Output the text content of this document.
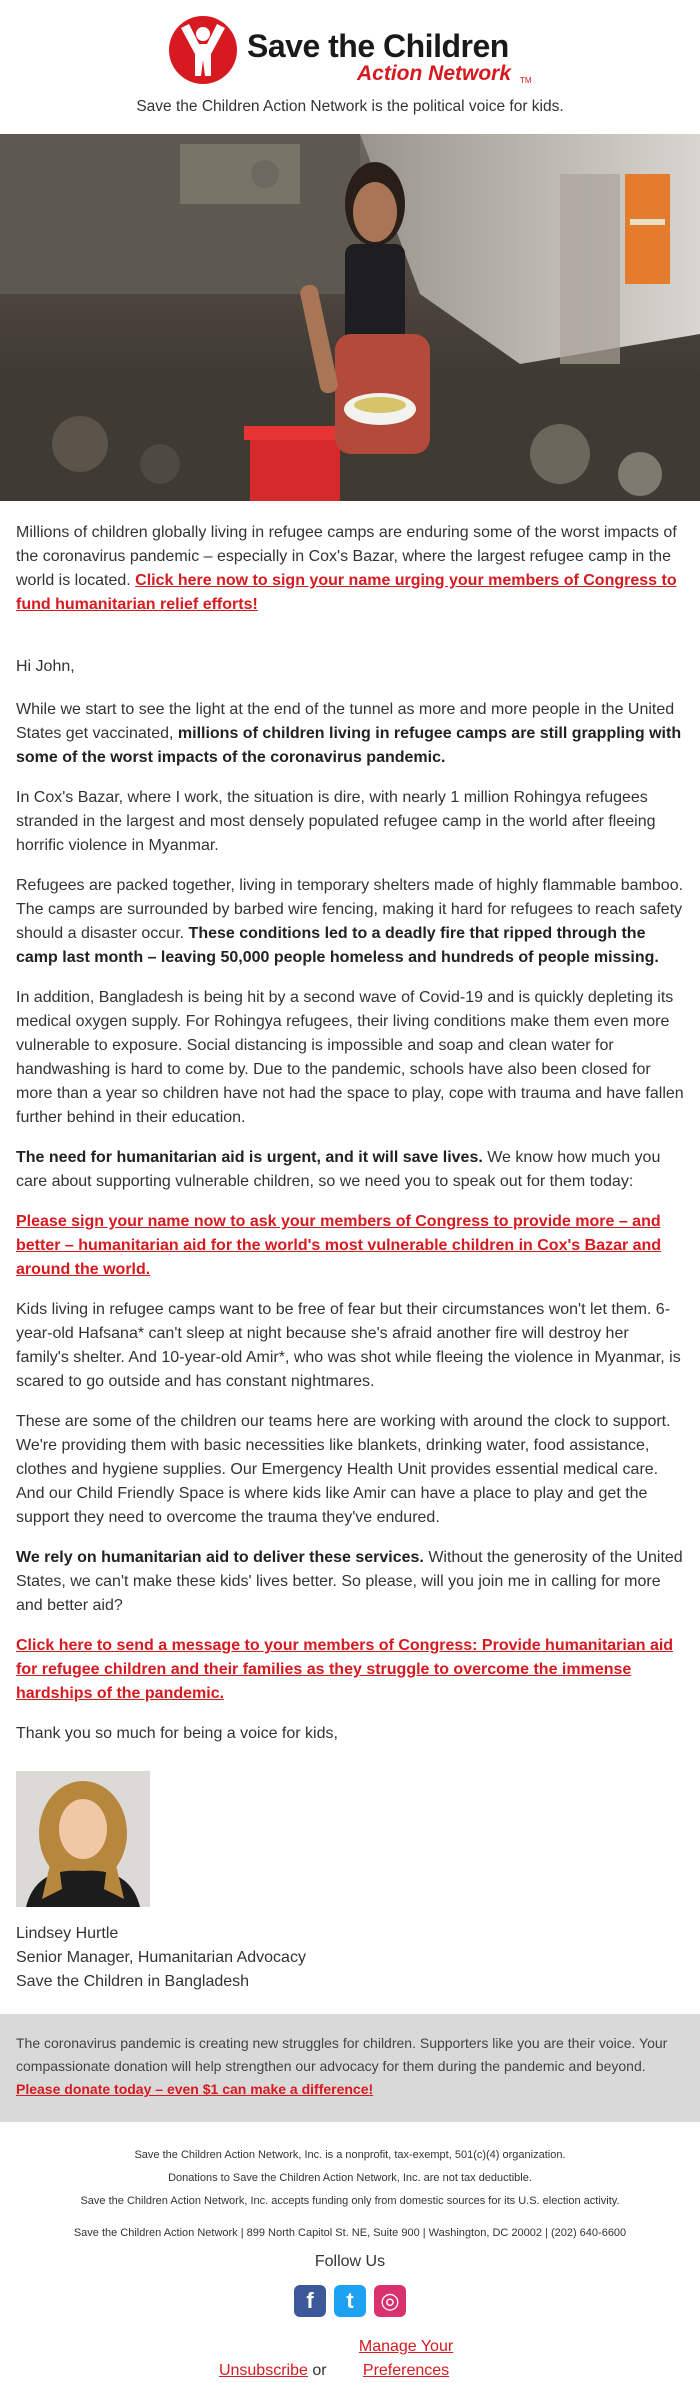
Save the Children
Action Network TM
Save the Children Action Network is the political voice for kids.

Millions of children globally living in refugee camps are enduring some of the worst impacts of the coronavirus pandemic – especially in Cox's Bazar, where the largest refugee camp in the world is located. Click here now to sign your name urging your members of Congress to fund humanitarian relief efforts!

Hi John,

While we start to see the light at the end of the tunnel as more and more people in the United States get vaccinated, millions of children living in refugee camps are still grappling with some of the worst impacts of the coronavirus pandemic.

In Cox's Bazar, where I work, the situation is dire, with nearly 1 million Rohingya refugees stranded in the largest and most densely populated refugee camp in the world after fleeing horrific violence in Myanmar.

Refugees are packed together, living in temporary shelters made of highly flammable bamboo. The camps are surrounded by barbed wire fencing, making it hard for refugees to reach safety should a disaster occur. These conditions led to a deadly fire that ripped through the camp last month – leaving 50,000 people homeless and hundreds of people missing.

In addition, Bangladesh is being hit by a second wave of Covid-19 and is quickly depleting its medical oxygen supply. For Rohingya refugees, their living conditions make them even more vulnerable to exposure. Social distancing is impossible and soap and clean water for handwashing is hard to come by. Due to the pandemic, schools have also been closed for more than a year so children have not had the space to play, cope with trauma and have fallen further behind in their education.

The need for humanitarian aid is urgent, and it will save lives. We know how much you care about supporting vulnerable children, so we need you to speak out for them today:

Please sign your name now to ask your members of Congress to provide more – and better – humanitarian aid for the world's most vulnerable children in Cox's Bazar and around the world.

Kids living in refugee camps want to be free of fear but their circumstances won't let them. 6-year-old Hafsana* can't sleep at night because she's afraid another fire will destroy her family's shelter. And 10-year-old Amir*, who was shot while fleeing the violence in Myanmar, is scared to go outside and has constant nightmares.

These are some of the children our teams here are working with around the clock to support. We're providing them with basic necessities like blankets, drinking water, food assistance, clothes and hygiene supplies. Our Emergency Health Unit provides essential medical care. And our Child Friendly Space is where kids like Amir can have a place to play and get the support they need to overcome the trauma they've endured.

We rely on humanitarian aid to deliver these services. Without the generosity of the United States, we can't make these kids' lives better. So please, will you join me in calling for more and better aid?

Click here to send a message to your members of Congress: Provide humanitarian aid for refugee children and their families as they struggle to overcome the immense hardships of the pandemic.

Thank you so much for being a voice for kids,

Lindsey Hurtle
Senior Manager, Humanitarian Advocacy
Save the Children in Bangladesh

The coronavirus pandemic is creating new struggles for children. Supporters like you are their voice. Your compassionate donation will help strengthen our advocacy for them during the pandemic and beyond.

Please donate today – even $1 can make a difference!

Save the Children Action Network, Inc. is a nonprofit, tax-exempt, 501(c)(4) organization.
Donations to Save the Children Action Network, Inc. are not tax deductible.
Save the Children Action Network, Inc. accepts funding only from domestic sources for its U.S. election activity.
Save the Children Action Network | 899 North Capitol St. NE, Suite 900 | Washington, DC 20002 | (202) 640-6600
Follow Us
f	t	◎
Unsubscribe or Manage Your Preferences
